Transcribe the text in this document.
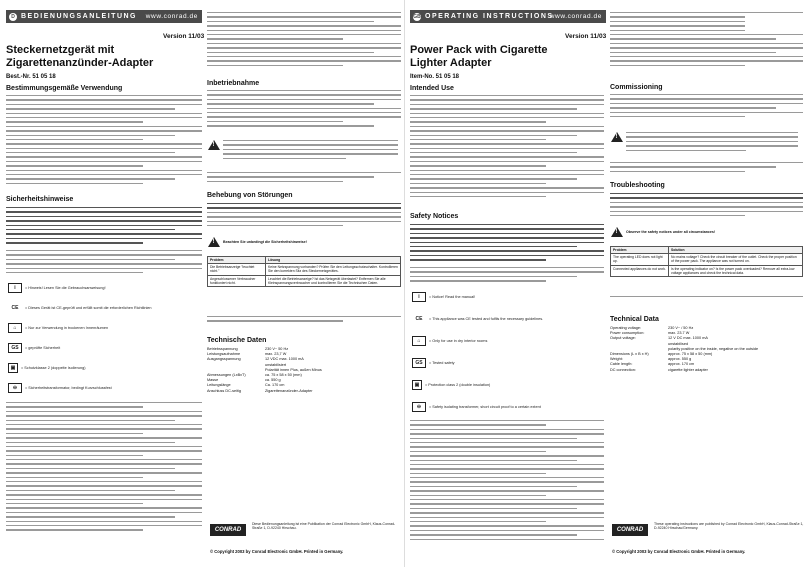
D BEDIENUNGSANLEITUNG www.conrad.de
Version 11/03
Steckernetzgerät mit
Zigarettenanzünder-Adapter
Best.-Nr. 51 05 18
Bestimmungsgemäße Verwendung
Sicherheitshinweise
i	= Hinweis! Lesen Sie die Gebrauchsanweisung!
CE	= Dieses Gerät ist CE-geprüft und erfüllt somit die erforderlichen Richtlinien
⌂	= Nur zur Verwendung in trockenen Innenräumen
GS	= geprüfte Sicherheit
▣	= Schutzklasse 2 (doppelte Isolierung)
⊖	= Sicherheitstransformator, bedingt Kurzschlussfest
Inbetriebnahme
!
Behebung von Störungen
! Beachten Sie unbedingt die Sicherheitshinweise!
Problem	Lösung
Die Betriebsanzeige "leuchtet nicht."	Keine Netzspannung vorhanden? Prüfen Sie den Leitungsschutzschalter. Kontrollieren Sie den korrekten Sitz des Steckernetzgerätes.
Angeschlossener Verbraucher funktioniert nicht.	Leuchtet die Betriebsanzeige? Ist das Netzgerät überlastet? Entfernen Sie alle Kleinspannungsverbraucher und kontrollieren Sie die Technischen Daten.
Technische Daten
Betriebsspannung	230 V~ 50 Hz
Leistungsaufnahme	max. 23,7 W
Ausgangsspannung	12 VDC max. 1000 mA
unstabilisiert
Polarität innen Plus, außen Minus
Abmessungen (LxBxT)	ca. 75 x 58 x 50 (mm)
Masse	ca. 550 g
Leitungslänge	Ca. 170 cm
Anschluss DC-seitig	Zigarettenanzünder-Adapter
CONRAD
Diese Bedienungsanleitung ist eine Publikation der Conrad Electronic GmbH, Klaus-Conrad-Straße 1, D-92240 Hirschau.
© Copyright 2003 by Conrad Electronic GmbH. Printed in Germany.
GB OPERATING INSTRUCTIONS
www.conrad.de
Version 11/03
Power Pack with Cigarette
Lighter Adapter
Item-No. 51 05 18
Intended Use
Safety Notices
i	= Notice! Read the manual!
CE	= This appliance was CE tested and fulfils the necessary guidelines.
⌂	= Only for use in dry interior rooms
GS	= Tested safety
▣	= Protection class 2 (double insulation)
⊖	= Safety isolating transformer, short circuit proof to a certain extent
Commissioning
!
Troubleshooting
! Observe the safety notices under all circumstances!
Problem	Solution
The operating LED does not light up.	No mains voltage? Check the circuit breaker of the outlet. Check the proper position of the power pack. The appliance was not turned on.
Connected appliances do not work.	Is the operating indicator on? Is the power pack overloaded? Remove all extra-low voltage appliances and check the technical data.
Technical Data
Operating voltage:	230 V~ / 50 Hz
Power consumption:	max. 23.7 W
Output voltage:	12 V DC max. 1000 mA
unstabilised
polarity positive on the inside, negative on the outside
Dimensions (L x B x H)	approx. 75 x 58 x 50 (mm)
Weight:	approx. 550 g
Cable length:	approx. 170 cm
DC connection:	cigarette lighter adapter
CONRAD
These operating instructions are published by Conrad Electronic GmbH, Klaus-Conrad-Straße 1, D-92240 Hirschau/Germany.
© Copyright 2003 by Conrad Electronic GmbH. Printed in Germany.
